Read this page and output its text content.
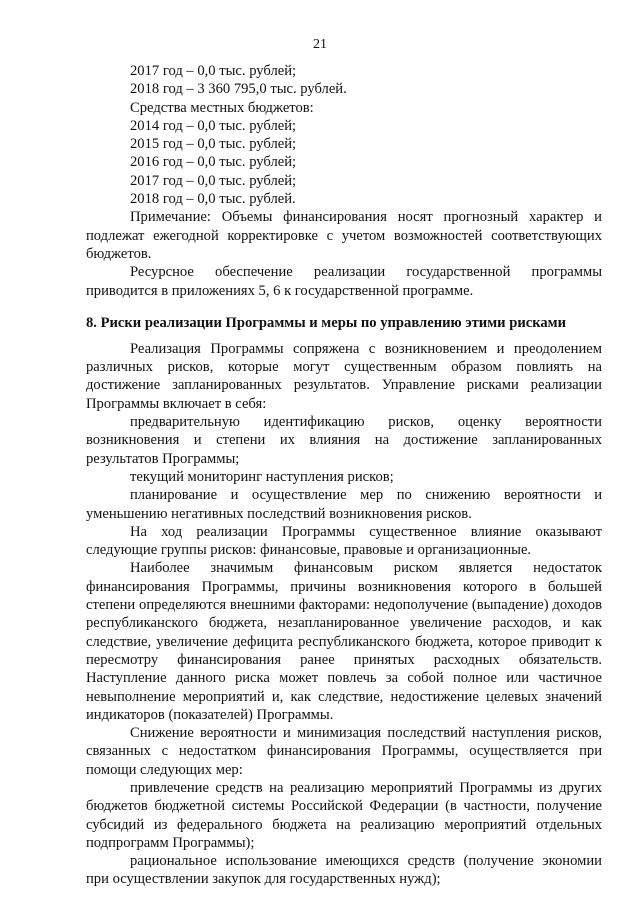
21

2017 год – 0,0 тыс. рублей;

2018 год – 3 360 795,0 тыс. рублей.

Средства местных бюджетов:

2014 год – 0,0 тыс. рублей;

2015 год – 0,0 тыс. рублей;

2016 год – 0,0 тыс. рублей;

2017 год – 0,0 тыс. рублей;

2018 год – 0,0 тыс. рублей.

Примечание: Объемы финансирования носят прогнозный характер и подлежат ежегодной корректировке с учетом возможностей соответствующих бюджетов.

Ресурсное обеспечение реализации государственной программы приводится в приложениях 5, 6 к государственной программе.

8. Риски реализации Программы и меры по управлению этими рисками

Реализация Программы сопряжена с возникновением и преодолением различных рисков, которые могут существенным образом повлиять на достижение запланированных результатов. Управление рисками реализации Программы включает в себя:

предварительную идентификацию рисков, оценку вероятности возникновения и степени их влияния на достижение запланированных результатов Программы;

текущий мониторинг наступления рисков;

планирование и осуществление мер по снижению вероятности и уменьшению негативных последствий возникновения рисков.

На ход реализации Программы существенное влияние оказывают следующие группы рисков: финансовые, правовые и организационные.

Наиболее значимым финансовым риском является недостаток финансирования Программы, причины возникновения которого в большей степени определяются внешними факторами: недополучение (выпадение) доходов республиканского бюджета, незапланированное увеличение расходов, и как следствие, увеличение дефицита республиканского бюджета, которое приводит к пересмотру финансирования ранее принятых расходных обязательств. Наступление данного риска может повлечь за собой полное или частичное невыполнение мероприятий и, как следствие, недостижение целевых значений индикаторов (показателей) Программы.

Снижение вероятности и минимизация последствий наступления рисков, связанных с недостатком финансирования Программы, осуществляется при помощи следующих мер:

привлечение средств на реализацию мероприятий Программы из других бюджетов бюджетной системы Российской Федерации (в частности, получение субсидий из федерального бюджета на реализацию мероприятий отдельных подпрограмм Программы);

рациональное использование имеющихся средств (получение экономии при осуществлении закупок для государственных нужд);
